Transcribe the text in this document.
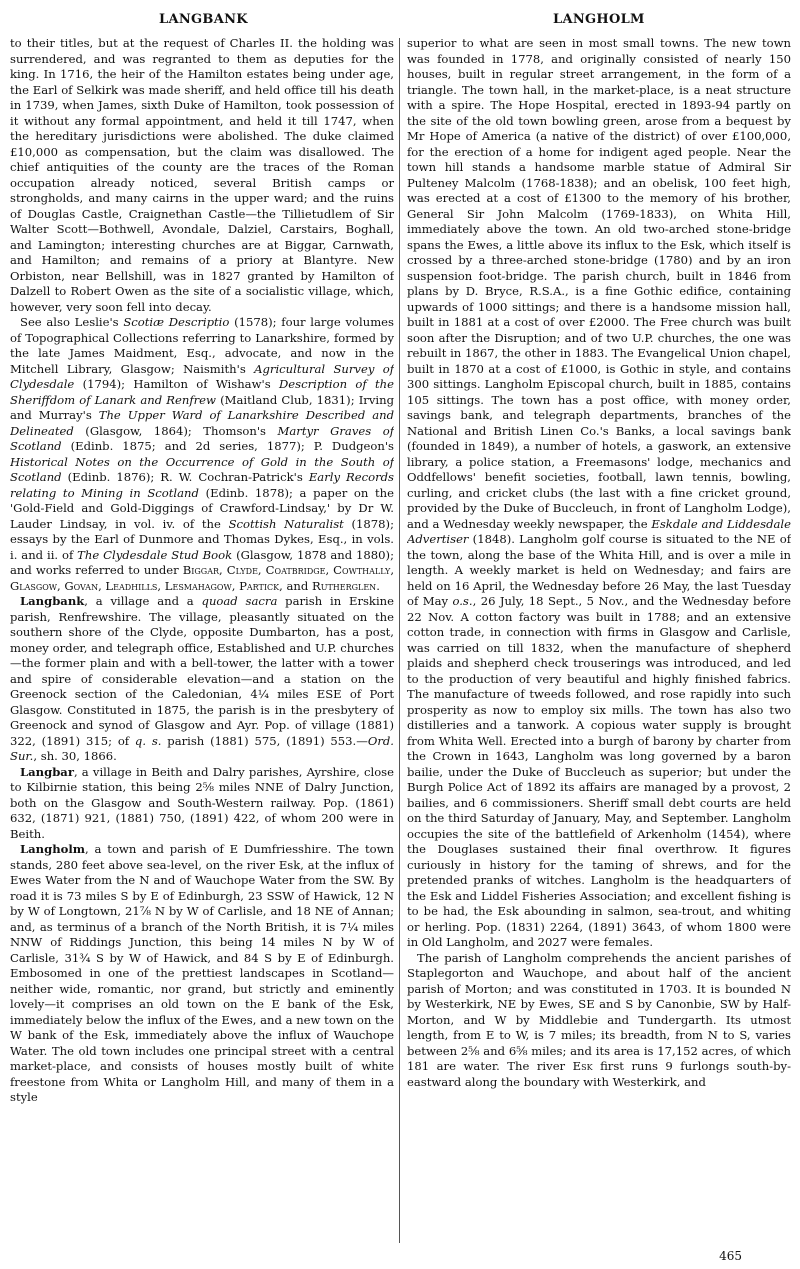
LANGBANK	LANGHOLM

to their titles, but at the request of Charles II. the holding was surrendered, and was regranted to them as deputies for the king. In 1716, the heir of the Hamilton estates being under age, the Earl of Selkirk was made sheriff, and held office till his death in 1739, when James, sixth Duke of Hamilton, took possession of it without any formal appointment, and held it till 1747, when the hereditary jurisdictions were abolished. The duke claimed £10,000 as compensation, but the claim was disallowed. The chief antiquities of the county are the traces of the Roman occupation already noticed, several British camps or strongholds, and many cairns in the upper ward; and the ruins of Douglas Castle, Craignethan Castle—the Tillietudlem of Sir Walter Scott—Bothwell, Avondale, Dalziel, Carstairs, Boghall, and Lamington; interesting churches are at Biggar, Carnwath, and Hamilton; and remains of a priory at Blantyre. New Orbiston, near Bellshill, was in 1827 granted by Hamilton of Dalzell to Robert Owen as the site of a socialistic village, which, however, very soon fell into decay.

See also Leslie's Scotiæ Descriptio (1578); four large volumes of Topographical Collections referring to Lanarkshire, formed by the late James Maidment, Esq., advocate, and now in the Mitchell Library, Glasgow; Naismith's Agricultural Survey of Clydesdale (1794); Hamilton of Wishaw's Description of the Sheriffdom of Lanark and Renfrew (Maitland Club, 1831); Irving and Murray's The Upper Ward of Lanarkshire Described and Delineated (Glasgow, 1864); Thomson's Martyr Graves of Scotland (Edinb. 1875; and 2d series, 1877); P. Dudgeon's Historical Notes on the Occurrence of Gold in the South of Scotland (Edinb. 1876); R. W. Cochran-Patrick's Early Records relating to Mining in Scotland (Edinb. 1878); a paper on the 'Gold-Field and Gold-Diggings of Crawford-Lindsay,' by Dr W. Lauder Lindsay, in vol. iv. of the Scottish Naturalist (1878); essays by the Earl of Dunmore and Thomas Dykes, Esq., in vols. i. and ii. of The Clydesdale Stud Book (Glasgow, 1878 and 1880); and works referred to under Biggar, Clyde, Coatbridge, Cowthally, Glasgow, Govan, Leadhills, Lesmahagow, Partick, and Rutherglen.

Langbank, a village and a quoad sacra parish in Erskine parish, Renfrewshire. The village, pleasantly situated on the southern shore of the Clyde, opposite Dumbarton, has a post, money order, and telegraph office, Established and U.P. churches—the former plain and with a bell-tower, the latter with a tower and spire of considerable elevation—and a station on the Greenock section of the Caledonian, 4¼ miles ESE of Port Glasgow. Constituted in 1875, the parish is in the presbytery of Greenock and synod of Glasgow and Ayr. Pop. of village (1881) 322, (1891) 315; of q. s. parish (1881) 575, (1891) 553.—Ord. Sur., sh. 30, 1866.

Langbar, a village in Beith and Dalry parishes, Ayrshire, close to Kilbirnie station, this being 2⅝ miles NNE of Dalry Junction, both on the Glasgow and South-Western railway. Pop. (1861) 632, (1871) 921, (1881) 750, (1891) 422, of whom 200 were in Beith.

Langholm, a town and parish of E Dumfriesshire. The town stands, 280 feet above sea-level, on the river Esk, at the influx of Ewes Water from the N and of Wauchope Water from the SW. By road it is 73 miles S by E of Edinburgh, 23 SSW of Hawick, 12 N by W of Longtown, 21⅞ N by W of Carlisle, and 18 NE of Annan; and, as terminus of a branch of the North British, it is 7¼ miles NNW of Riddings Junction, this being 14 miles N by W of Carlisle, 31¾ S by W of Hawick, and 84 S by E of Edinburgh. Embosomed in one of the prettiest landscapes in Scotland—neither wide, romantic, nor grand, but strictly and eminently lovely—it comprises an old town on the E bank of the Esk, immediately below the influx of the Ewes, and a new town on the W bank of the Esk, immediately above the influx of Wauchope Water. The old town includes one principal street with a central market-place, and consists of houses mostly built of white freestone from Whita or Langholm Hill, and many of them in a style

superior to what are seen in most small towns. The new town was founded in 1778, and originally consisted of nearly 150 houses, built in regular street arrangement, in the form of a triangle. The town hall, in the market-place, is a neat structure with a spire. The Hope Hospital, erected in 1893-94 partly on the site of the old town bowling green, arose from a bequest by Mr Hope of America (a native of the district) of over £100,000, for the erection of a home for indigent aged people. Near the town hill stands a handsome marble statue of Admiral Sir Pulteney Malcolm (1768-1838); and an obelisk, 100 feet high, was erected at a cost of £1300 to the memory of his brother, General Sir John Malcolm (1769-1833), on Whita Hill, immediately above the town. An old two-arched stone-bridge spans the Ewes, a little above its influx to the Esk, which itself is crossed by a three-arched stone-bridge (1780) and by an iron suspension foot-bridge. The parish church, built in 1846 from plans by D. Bryce, R.S.A., is a fine Gothic edifice, containing upwards of 1000 sittings; and there is a handsome mission hall, built in 1881 at a cost of over £2000. The Free church was built soon after the Disruption; and of two U.P. churches, the one was rebuilt in 1867, the other in 1883. The Evangelical Union chapel, built in 1870 at a cost of £1000, is Gothic in style, and contains 300 sittings. Langholm Episcopal church, built in 1885, contains 105 sittings. The town has a post office, with money order, savings bank, and telegraph departments, branches of the National and British Linen Co.'s Banks, a local savings bank (founded in 1849), a number of hotels, a gaswork, an extensive library, a police station, a Freemasons' lodge, mechanics and Oddfellows' benefit societies, football, lawn tennis, bowling, curling, and cricket clubs (the last with a fine cricket ground, provided by the Duke of Buccleuch, in front of Langholm Lodge), and a Wednesday weekly newspaper, the Eskdale and Liddesdale Advertiser (1848). Langholm golf course is situated to the NE of the town, along the base of the Whita Hill, and is over a mile in length. A weekly market is held on Wednesday; and fairs are held on 16 April, the Wednesday before 26 May, the last Tuesday of May o.s., 26 July, 18 Sept., 5 Nov., and the Wednesday before 22 Nov. A cotton factory was built in 1788; and an extensive cotton trade, in connection with firms in Glasgow and Carlisle, was carried on till 1832, when the manufacture of shepherd plaids and shepherd check trouserings was introduced, and led to the production of very beautiful and highly finished fabrics. The manufacture of tweeds followed, and rose rapidly into such prosperity as now to employ six mills. The town has also two distilleries and a tanwork. A copious water supply is brought from Whita Well. Erected into a burgh of barony by charter from the Crown in 1643, Langholm was long governed by a baron bailie, under the Duke of Buccleuch as superior; but under the Burgh Police Act of 1892 its affairs are managed by a provost, 2 bailies, and 6 commissioners. Sheriff small debt courts are held on the third Saturday of January, May, and September. Langholm occupies the site of the battlefield of Arkenholm (1454), where the Douglases sustained their final overthrow. It figures curiously in history for the taming of shrews, and for the pretended pranks of witches. Langholm is the headquarters of the Esk and Liddel Fisheries Association; and excellent fishing is to be had, the Esk abounding in salmon, sea-trout, and whiting or herling. Pop. (1831) 2264, (1891) 3643, of whom 1800 were in Old Langholm, and 2027 were females.

The parish of Langholm comprehends the ancient parishes of Staplegorton and Wauchope, and about half of the ancient parish of Morton; and was constituted in 1703. It is bounded N by Westerkirk, NE by Ewes, SE and S by Canonbie, SW by Half-Morton, and W by Middlebie and Tundergarth. Its utmost length, from E to W, is 7 miles; its breadth, from N to S, varies between 2⅝ and 6⅝ miles; and its area is 17,152 acres, of which 181 are water. The river Esk first runs 9 furlongs south-by-eastward along the boundary with Westerkirk, and

465
